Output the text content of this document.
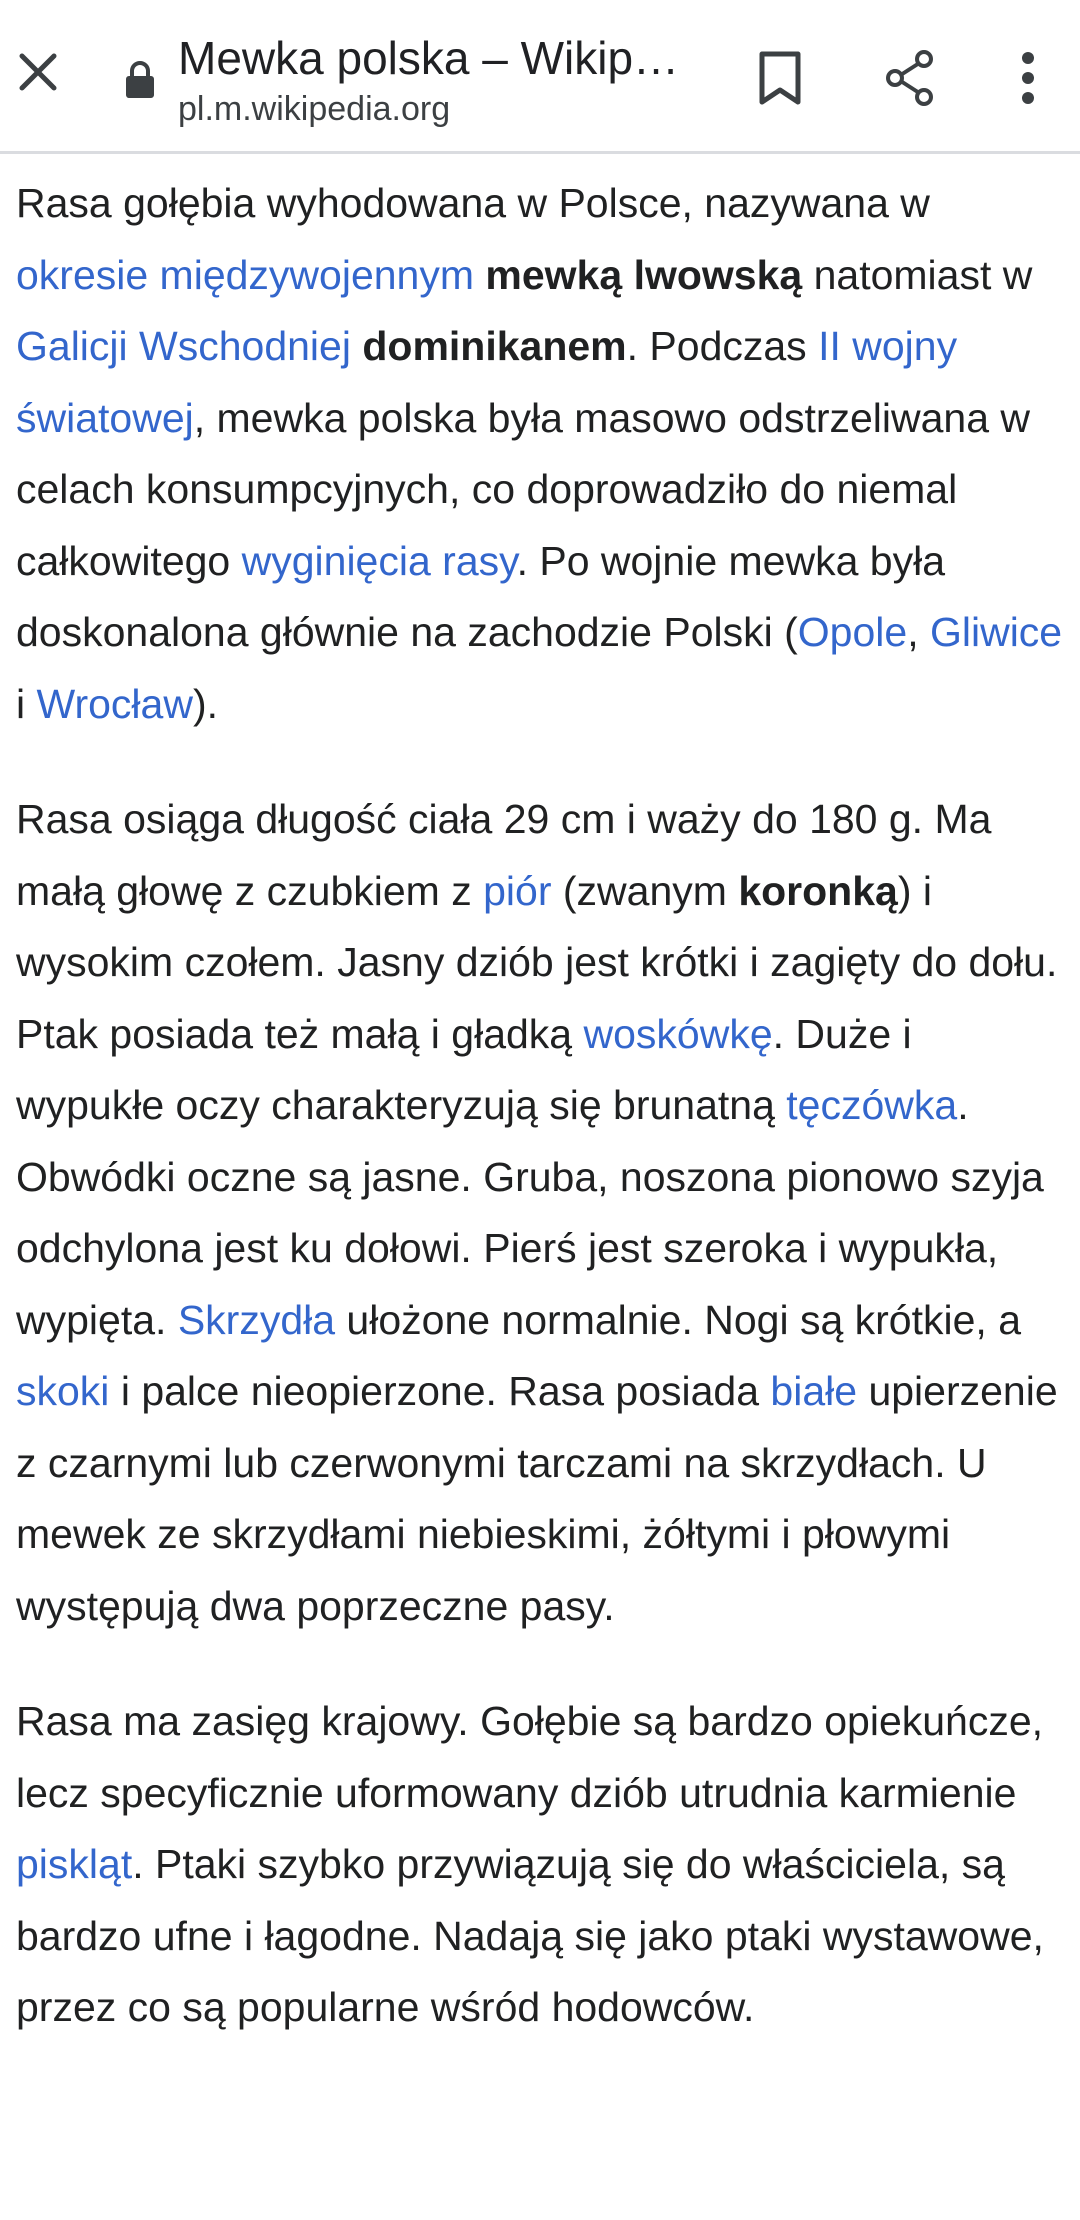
Mewka polska – Wikip…
pl.m.wikipedia.org

Rasa gołębia wyhodowana w Polsce, nazywana w okresie międzywojennym mewką lwowską natomiast w Galicji Wschodniej dominikanem. Podczas II wojny światowej, mewka polska była masowo odstrzeliwana w celach konsumpcyjnych, co doprowadziło do niemal całkowitego wyginięcia rasy. Po wojnie mewka była doskonalona głównie na zachodzie Polski (Opole, Gliwice i Wrocław).

Rasa osiąga długość ciała 29 cm i waży do 180 g. Ma małą głowę z czubkiem z piór (zwanym koronką) i wysokim czołem. Jasny dziób jest krótki i zagięty do dołu. Ptak posiada też małą i gładką woskówkę. Duże i wypukłe oczy charakteryzują się brunatną tęczówka. Obwódki oczne są jasne. Gruba, noszona pionowo szyja odchylona jest ku dołowi. Pierś jest szeroka i wypukła, wypięta. Skrzydła ułożone normalnie. Nogi są krótkie, a skoki i palce nieopierzone. Rasa posiada białe upierzenie z czarnymi lub czerwonymi tarczami na skrzydłach. U mewek ze skrzydłami niebieskimi, żółtymi i płowymi występują dwa poprzeczne pasy.

Rasa ma zasięg krajowy. Gołębie są bardzo opiekuńcze, lecz specyficznie uformowany dziób utrudnia karmienie piskląt. Ptaki szybko przywiązują się do właściciela, są bardzo ufne i łagodne. Nadają się jako ptaki wystawowe, przez co są popularne wśród hodowców.
